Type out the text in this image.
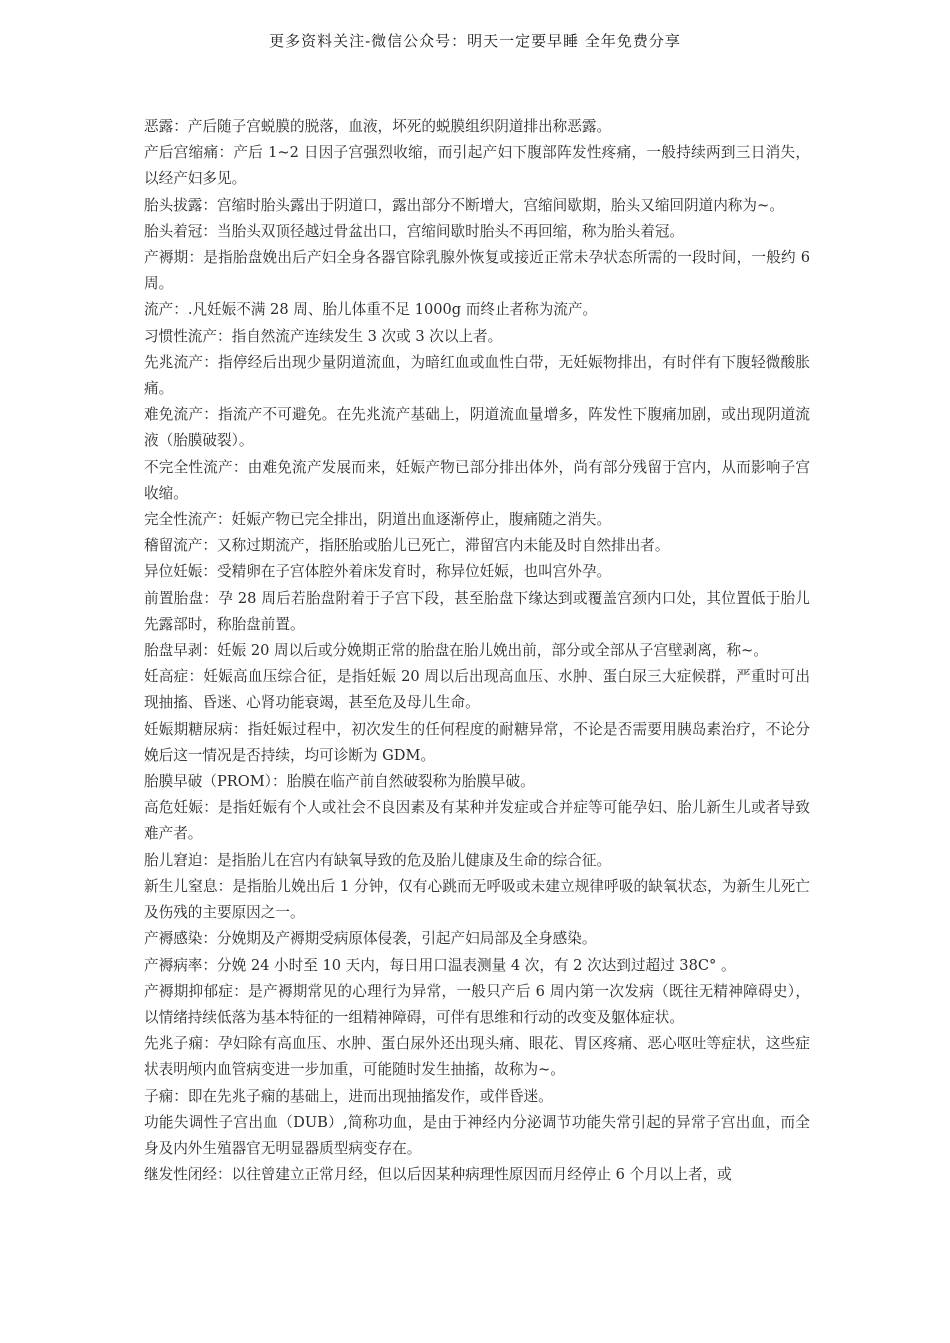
更多资料关注-微信公众号：明天一定要早睡 全年免费分享

恶露：产后随子宫蜕膜的脱落，血液，坏死的蜕膜组织阴道排出称恶露。

产后宫缩痛：产后 1~2 日因子宫强烈收缩，而引起产妇下腹部阵发性疼痛，一般持续两到三日消失，以经产妇多见。

胎头拔露：宫缩时胎头露出于阴道口，露出部分不断增大，宫缩间歇期，胎头又缩回阴道内称为~。

胎头着冠：当胎头双顶径越过骨盆出口，宫缩间歇时胎头不再回缩，称为胎头着冠。

产褥期：是指胎盘娩出后产妇全身各器官除乳腺外恢复或接近正常未孕状态所需的一段时间，一般约 6 周。

流产：.凡妊娠不满 28 周、胎儿体重不足 1000g 而终止者称为流产。

习惯性流产：指自然流产连续发生 3 次或 3 次以上者。

先兆流产：指停经后出现少量阴道流血，为暗红血或血性白带，无妊娠物排出，有时伴有下腹轻微酸胀痛。

难免流产：指流产不可避免。在先兆流产基础上，阴道流血量增多，阵发性下腹痛加剧，或出现阴道流液（胎膜破裂）。

不完全性流产：由难免流产发展而来，妊娠产物已部分排出体外，尚有部分残留于宫内，从而影响子宫收缩。

完全性流产：妊娠产物已完全排出，阴道出血逐渐停止，腹痛随之消失。

稽留流产：又称过期流产，指胚胎或胎儿已死亡，滞留宫内未能及时自然排出者。

异位妊娠：受精卵在子宫体腔外着床发育时，称异位妊娠，也叫宫外孕。

前置胎盘：孕 28 周后若胎盘附着于子宫下段，甚至胎盘下缘达到或覆盖宫颈内口处，其位置低于胎儿先露部时，称胎盘前置。

胎盘早剥：妊娠 20 周以后或分娩期正常的胎盘在胎儿娩出前，部分或全部从子宫壁剥离，称~。

妊高症：妊娠高血压综合征，是指妊娠 20 周以后出现高血压、水肿、蛋白尿三大症候群，严重时可出现抽搐、昏迷、心肾功能衰竭，甚至危及母儿生命。

妊娠期糖尿病：指妊娠过程中，初次发生的任何程度的耐糖异常，不论是否需要用胰岛素治疗，不论分娩后这一情况是否持续，均可诊断为 GDM。

胎膜早破（PROM）：胎膜在临产前自然破裂称为胎膜早破。

高危妊娠：是指妊娠有个人或社会不良因素及有某种并发症或合并症等可能孕妇、胎儿新生儿或者导致难产者。

胎儿窘迫：是指胎儿在宫内有缺氧导致的危及胎儿健康及生命的综合征。

新生儿窒息：是指胎儿娩出后 1 分钟，仅有心跳而无呼吸或未建立规律呼吸的缺氧状态，为新生儿死亡及伤残的主要原因之一。

产褥感染：分娩期及产褥期受病原体侵袭，引起产妇局部及全身感染。

产褥病率：分娩 24 小时至 10 天内，每日用口温表测量 4 次，有 2 次达到过超过 38C° 。

产褥期抑郁症：是产褥期常见的心理行为异常，一般只产后 6 周内第一次发病（既往无精神障碍史），以情绪持续低落为基本特征的一组精神障碍，可伴有思维和行动的改变及躯体症状。

先兆子痫：孕妇除有高血压、水肿、蛋白尿外还出现头痛、眼花、胃区疼痛、恶心呕吐等症状，这些症状表明颅内血管病变进一步加重，可能随时发生抽搐，故称为~。

子痫：即在先兆子痫的基础上，进而出现抽搐发作，或伴昏迷。

功能失调性子宫出血（DUB）,简称功血，是由于神经内分泌调节功能失常引起的异常子宫出血，而全身及内外生殖器官无明显器质型病变存在。

继发性闭经：以往曾建立正常月经，但以后因某种病理性原因而月经停止 6 个月以上者，或
